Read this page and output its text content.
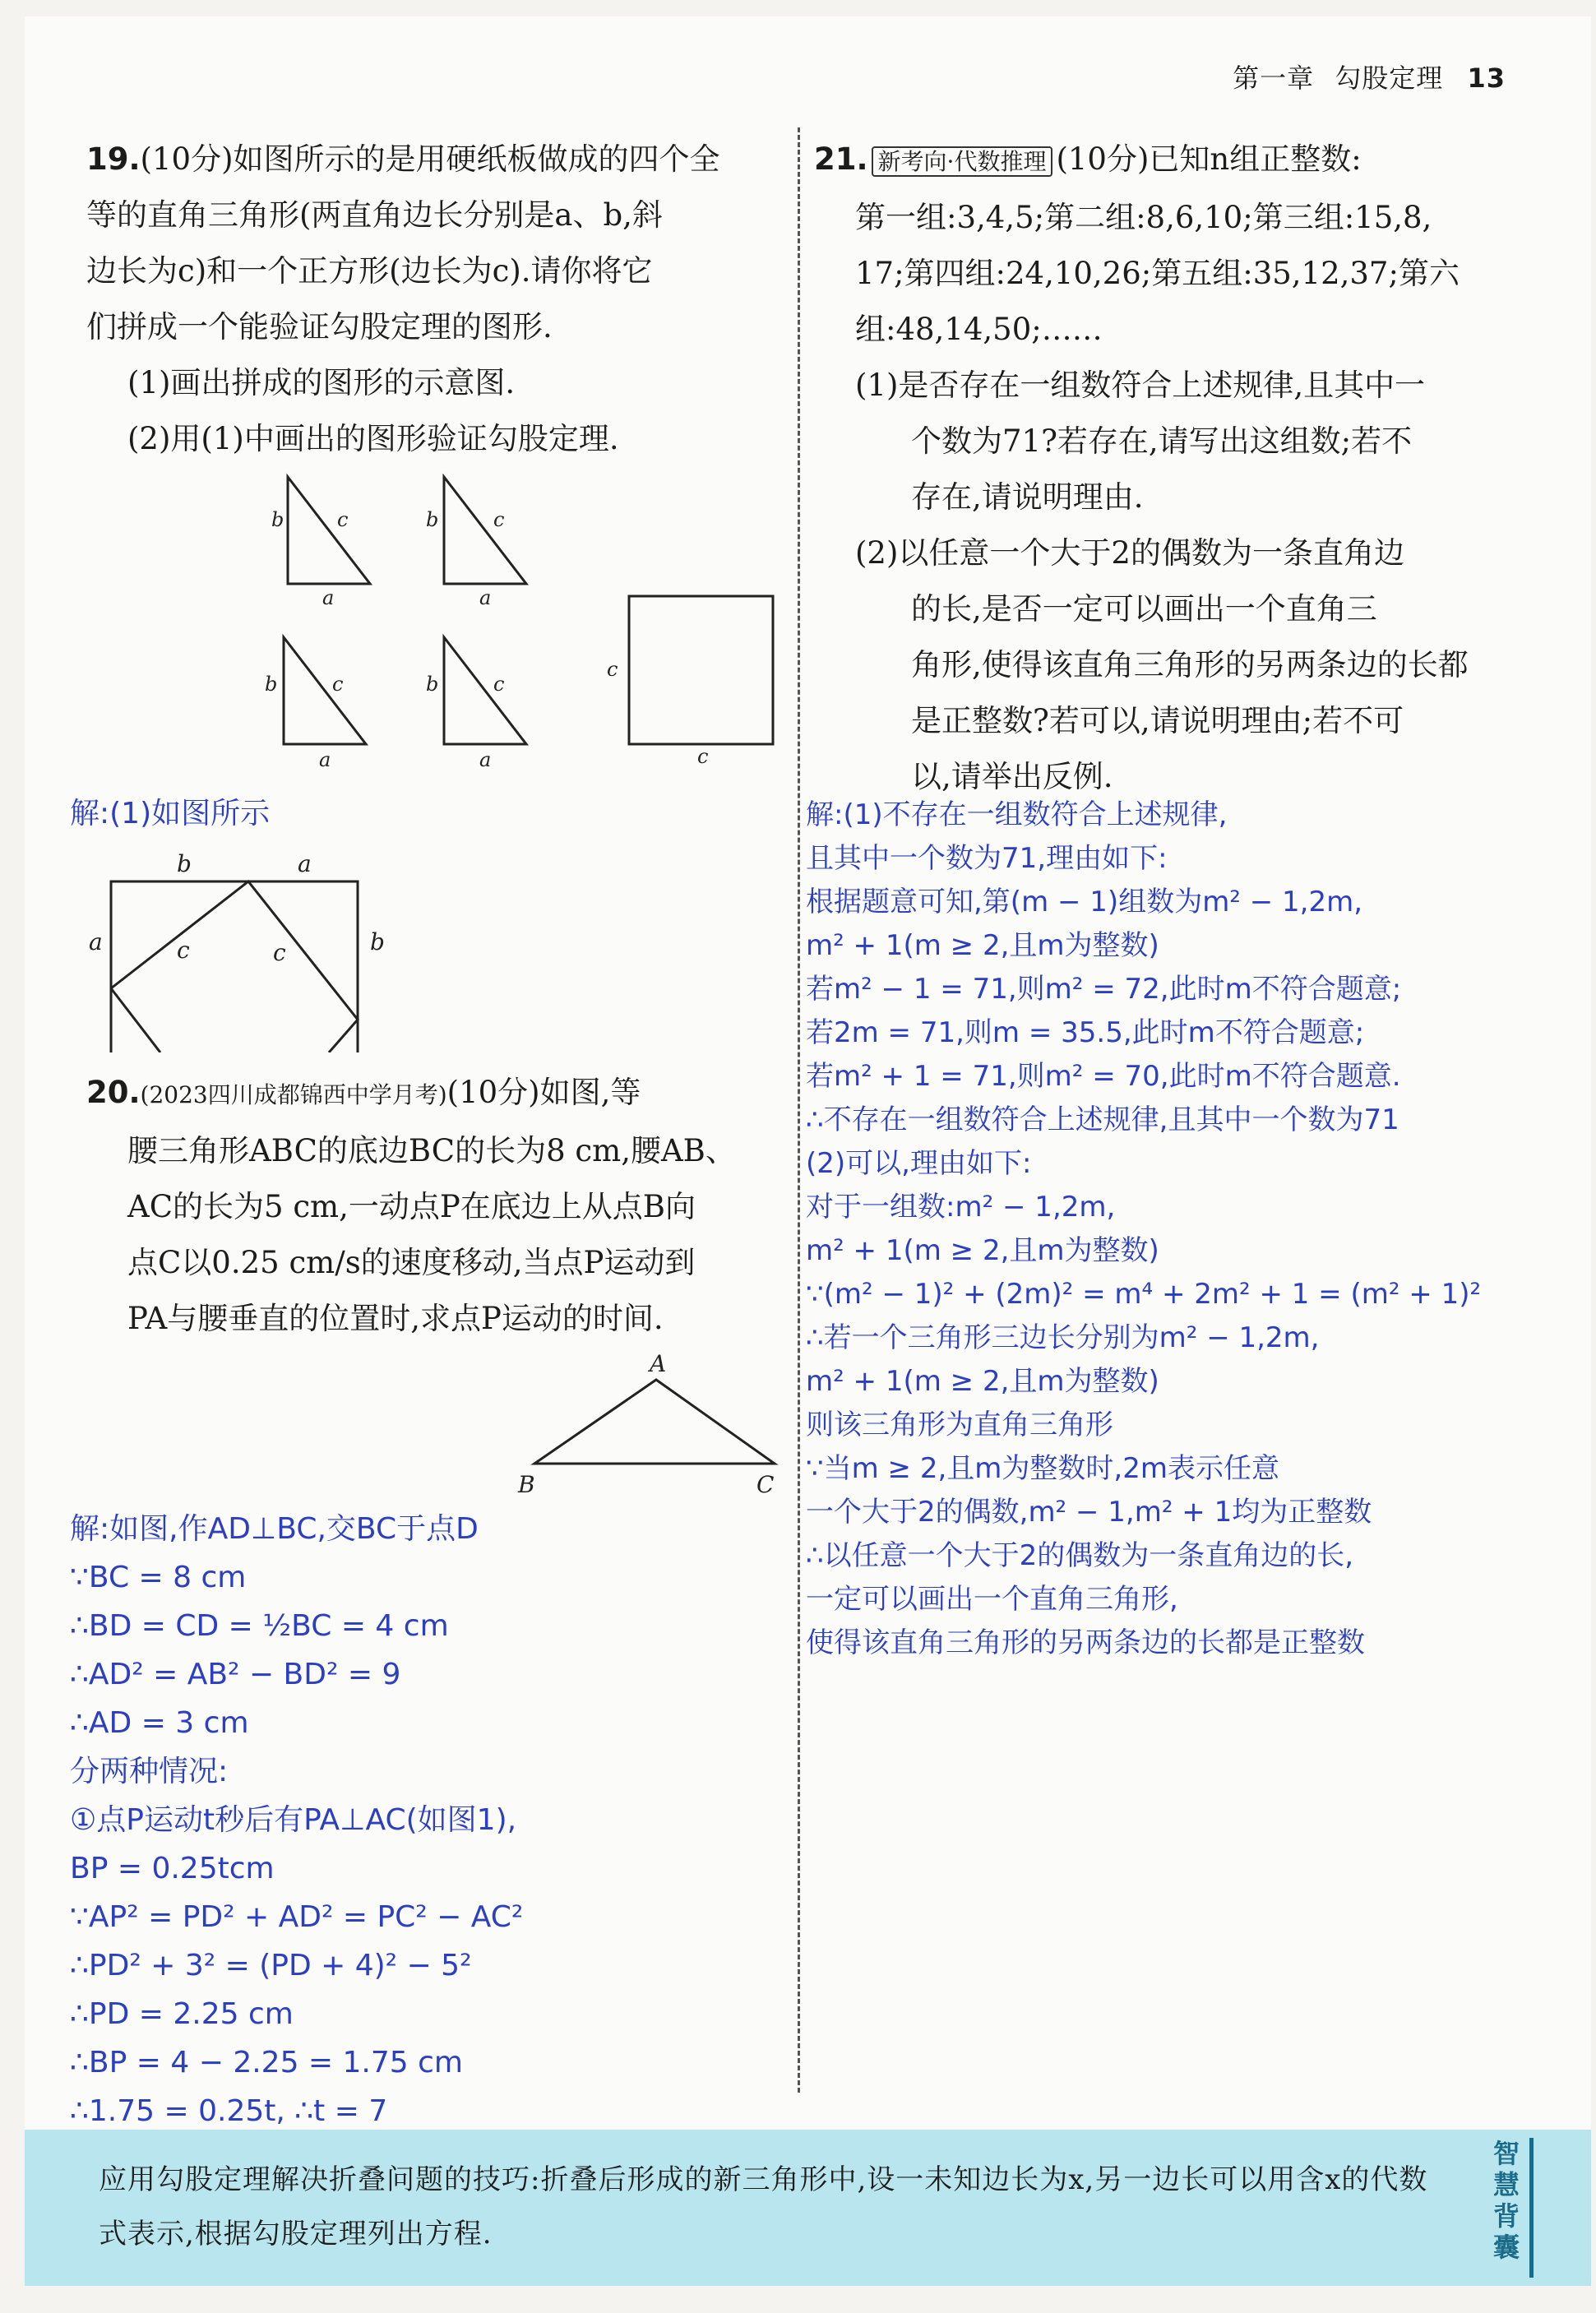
第一章 勾股定理 13

19.(10分)如图所示的是用硬纸板做成的四个全

等的直角三角形(两直角边长分别是a、b,斜

边长为c)和一个正方形(边长为c).请你将它

们拼成一个能验证勾股定理的图形.

(1)画出拼成的图形的示意图.

(2)用(1)中画出的图形验证勾股定理.

b	c
a
b	c
a
b	c
a
b	c
a
c
c
解:(1)如图所示
b	a
a	b
c	c

20.(2023四川成都锦西中学月考)(10分)如图,等

腰三角形ABC的底边BC的长为8 cm,腰AB、

AC的长为5 cm,一动点P在底边上从点B向

点C以0.25 cm/s的速度移动,当点P运动到

PA与腰垂直的位置时,求点P运动的时间.

A
B	C

解:如图,作AD⊥BC,交BC于点D

∵BC = 8 cm

∴BD = CD = ½BC = 4 cm

∴AD² = AB² − BD² = 9

∴AD = 3 cm

分两种情况:

①点P运动t秒后有PA⊥AC(如图1),

BP = 0.25tcm

∵AP² = PD² + AD² = PC² − AC²

∴PD² + 3² = (PD + 4)² − 5²

∴PD = 2.25 cm

∴BP = 4 − 2.25 = 1.75 cm

∴1.75 = 0.25t, ∴t = 7

21. 新考向·代数推理 (10分)已知n组正整数:

第一组:3,4,5;第二组:8,6,10;第三组:15,8,

17;第四组:24,10,26;第五组:35,12,37;第六

组:48,14,50;……

(1)是否存在一组数符合上述规律,且其中一

个数为71?若存在,请写出这组数;若不

存在,请说明理由.

(2)以任意一个大于2的偶数为一条直角边

的长,是否一定可以画出一个直角三

角形,使得该直角三角形的另两条边的长都

是正整数?若可以,请说明理由;若不可

以,请举出反例.

解:(1)不存在一组数符合上述规律,

且其中一个数为71,理由如下:

根据题意可知,第(m − 1)组数为m² − 1,2m,

m² + 1(m ≥ 2,且m为整数)

若m² − 1 = 71,则m² = 72,此时m不符合题意;

若2m = 71,则m = 35.5,此时m不符合题意;

若m² + 1 = 71,则m² = 70,此时m不符合题意.

∴不存在一组数符合上述规律,且其中一个数为71

(2)可以,理由如下:

对于一组数:m² − 1,2m,

m² + 1(m ≥ 2,且m为整数)

∵(m² − 1)² + (2m)² = m⁴ + 2m² + 1 = (m² + 1)²

∴若一个三角形三边长分别为m² − 1,2m,

m² + 1(m ≥ 2,且m为整数)

则该三角形为直角三角形

∵当m ≥ 2,且m为整数时,2m表示任意

一个大于2的偶数,m² − 1,m² + 1均为正整数

∴以任意一个大于2的偶数为一条直角边的长,

一定可以画出一个直角三角形,

使得该直角三角形的另两条边的长都是正整数

应用勾股定理解决折叠问题的技巧:折叠后形成的新三角形中,设一未知边长为x,另一边长可以用含x的代数式表示,根据勾股定理列出方程.
智慧背囊
